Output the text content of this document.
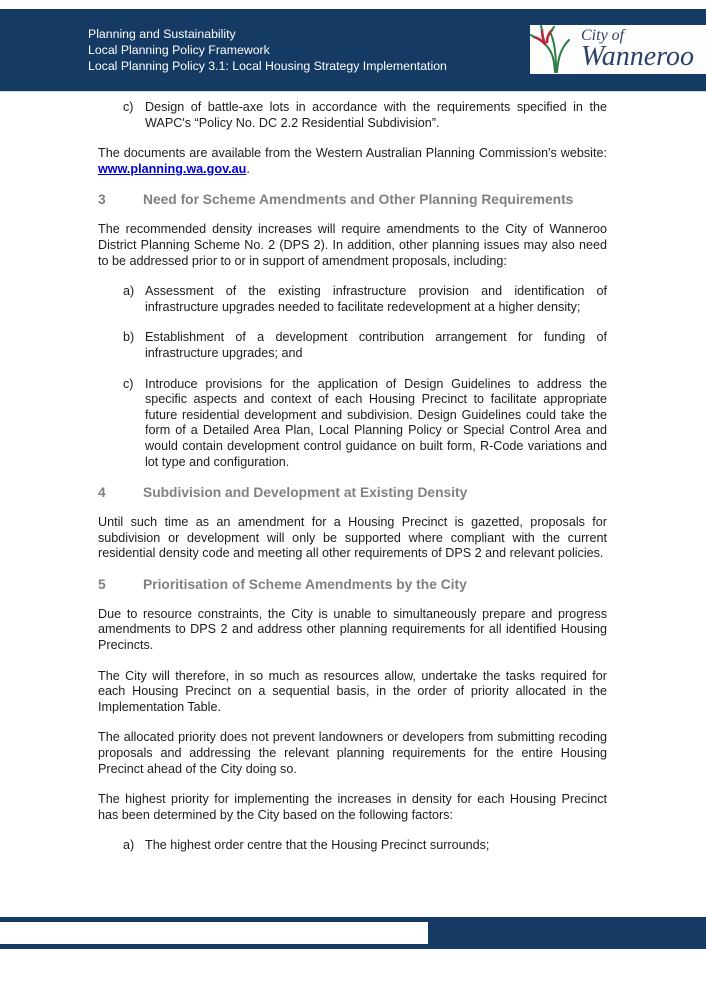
Planning and Sustainability
Local Planning Policy Framework
Local Planning Policy 3.1: Local Housing Strategy Implementation
City of
Wanneroo
c) Design of battle-axe lots in accordance with the requirements specified in the WAPC's “Policy No. DC 2.2 Residential Subdivision”.

The documents are available from the Western Australian Planning Commission's website: www.planning.wa.gov.au.

3	Need for Scheme Amendments and Other Planning Requirements

The recommended density increases will require amendments to the City of Wanneroo District Planning Scheme No. 2 (DPS 2). In addition, other planning issues may also need to be addressed prior to or in support of amendment proposals, including:

a) Assessment of the existing infrastructure provision and identification of infrastructure upgrades needed to facilitate redevelopment at a higher density;
b) Establishment of a development contribution arrangement for funding of infrastructure upgrades; and
c) Introduce provisions for the application of Design Guidelines to address the specific aspects and context of each Housing Precinct to facilitate appropriate future residential development and subdivision. Design Guidelines could take the form of a Detailed Area Plan, Local Planning Policy or Special Control Area and would contain development control guidance on built form, R-Code variations and lot type and configuration.
4	Subdivision and Development at Existing Density

Until such time as an amendment for a Housing Precinct is gazetted, proposals for subdivision or development will only be supported where compliant with the current residential density code and meeting all other requirements of DPS 2 and relevant policies.

5	Prioritisation of Scheme Amendments by the City

Due to resource constraints, the City is unable to simultaneously prepare and progress amendments to DPS 2 and address other planning requirements for all identified Housing Precincts.

The City will therefore, in so much as resources allow, undertake the tasks required for each Housing Precinct on a sequential basis, in the order of priority allocated in the Implementation Table.

The allocated priority does not prevent landowners or developers from submitting recoding proposals and addressing the relevant planning requirements for the entire Housing Precinct ahead of the City doing so.

The highest priority for implementing the increases in density for each Housing Precinct has been determined by the City based on the following factors:

a) The highest order centre that the Housing Precinct surrounds;
